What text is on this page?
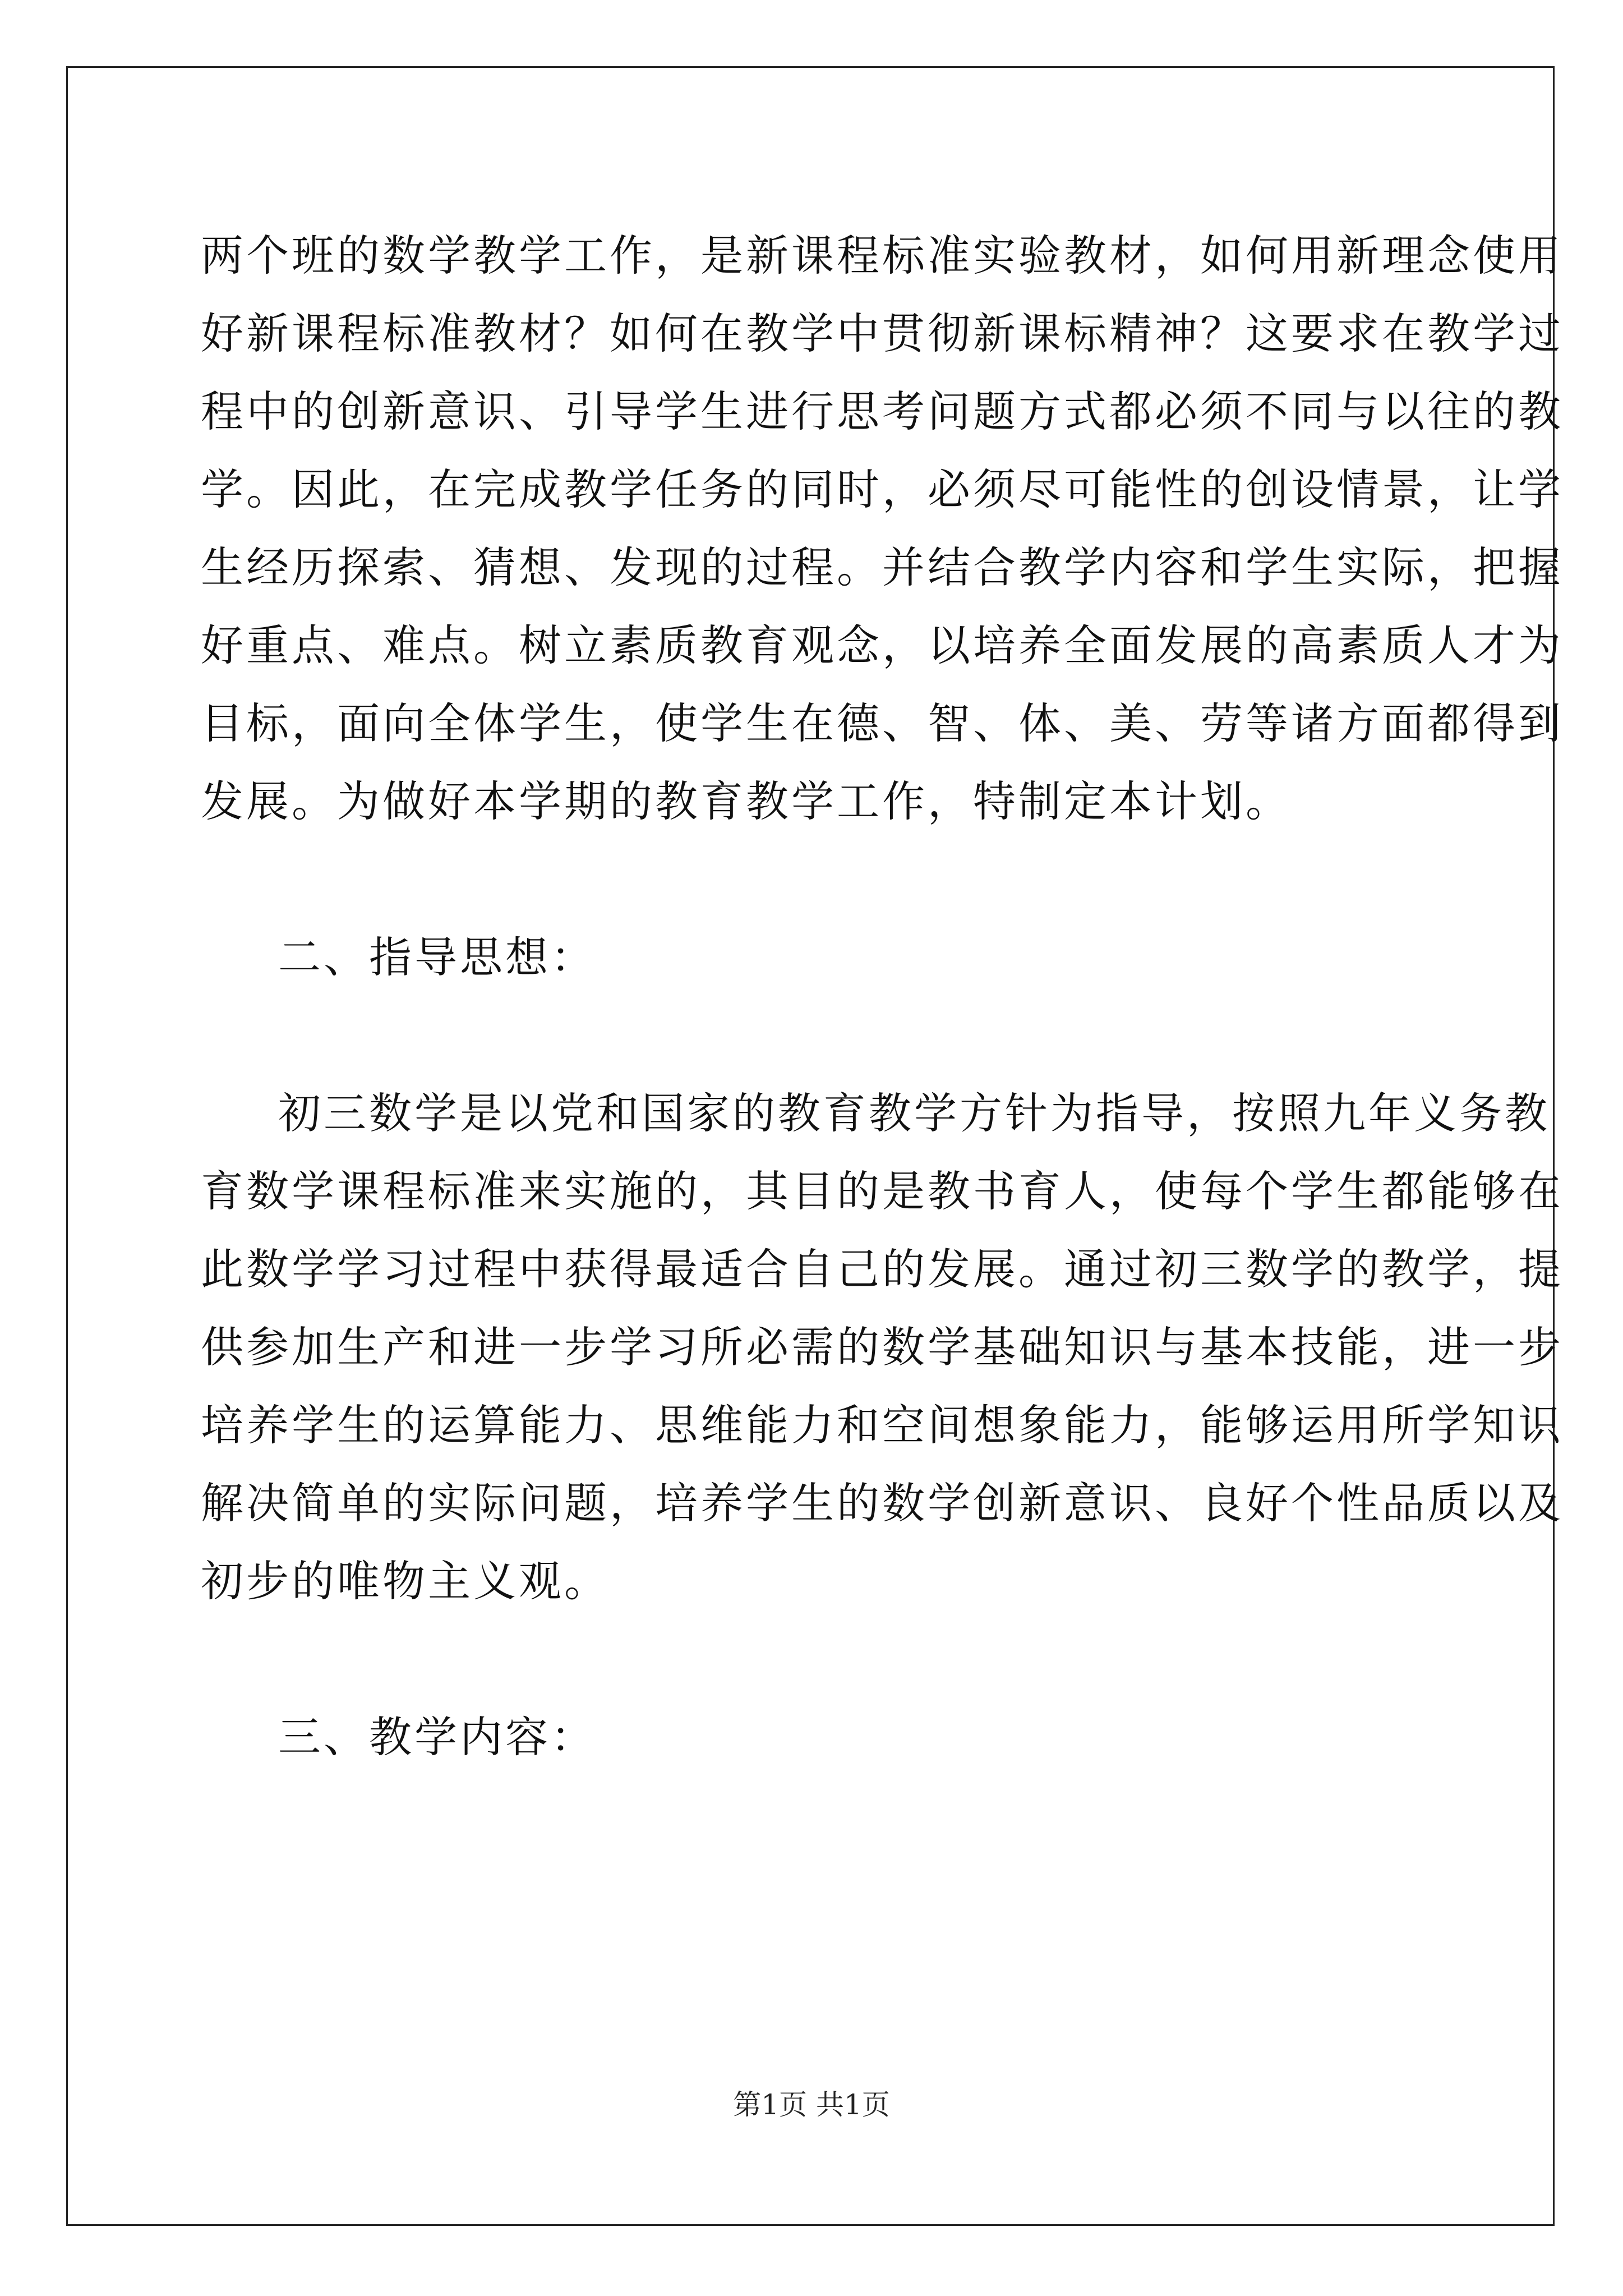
两个班的数学教学工作，是新课程标准实验教材，如何用新理念使用
好新课程标准教材？如何在教学中贯彻新课标精神？这要求在教学过
程中的创新意识、引导学生进行思考问题方式都必须不同与以往的教
学。因此，在完成教学任务的同时，必须尽可能性的创设情景，让学
生经历探索、猜想、发现的过程。并结合教学内容和学生实际，把握
好重点、难点。树立素质教育观念，以培养全面发展的高素质人才为
目标，面向全体学生，使学生在德、智、体、美、劳等诸方面都得到
发展。为做好本学期的教育教学工作，特制定本计划。
二、指导思想：
初三数学是以党和国家的教育教学方针为指导，按照九年义务教
育数学课程标准来实施的，其目的是教书育人，使每个学生都能够在
此数学学习过程中获得最适合自己的发展。通过初三数学的教学，提
供参加生产和进一步学习所必需的数学基础知识与基本技能，进一步
培养学生的运算能力、思维能力和空间想象能力，能够运用所学知识
解决简单的实际问题，培养学生的数学创新意识、良好个性品质以及
初步的唯物主义观。
三、教学内容：
第1页 共1页
